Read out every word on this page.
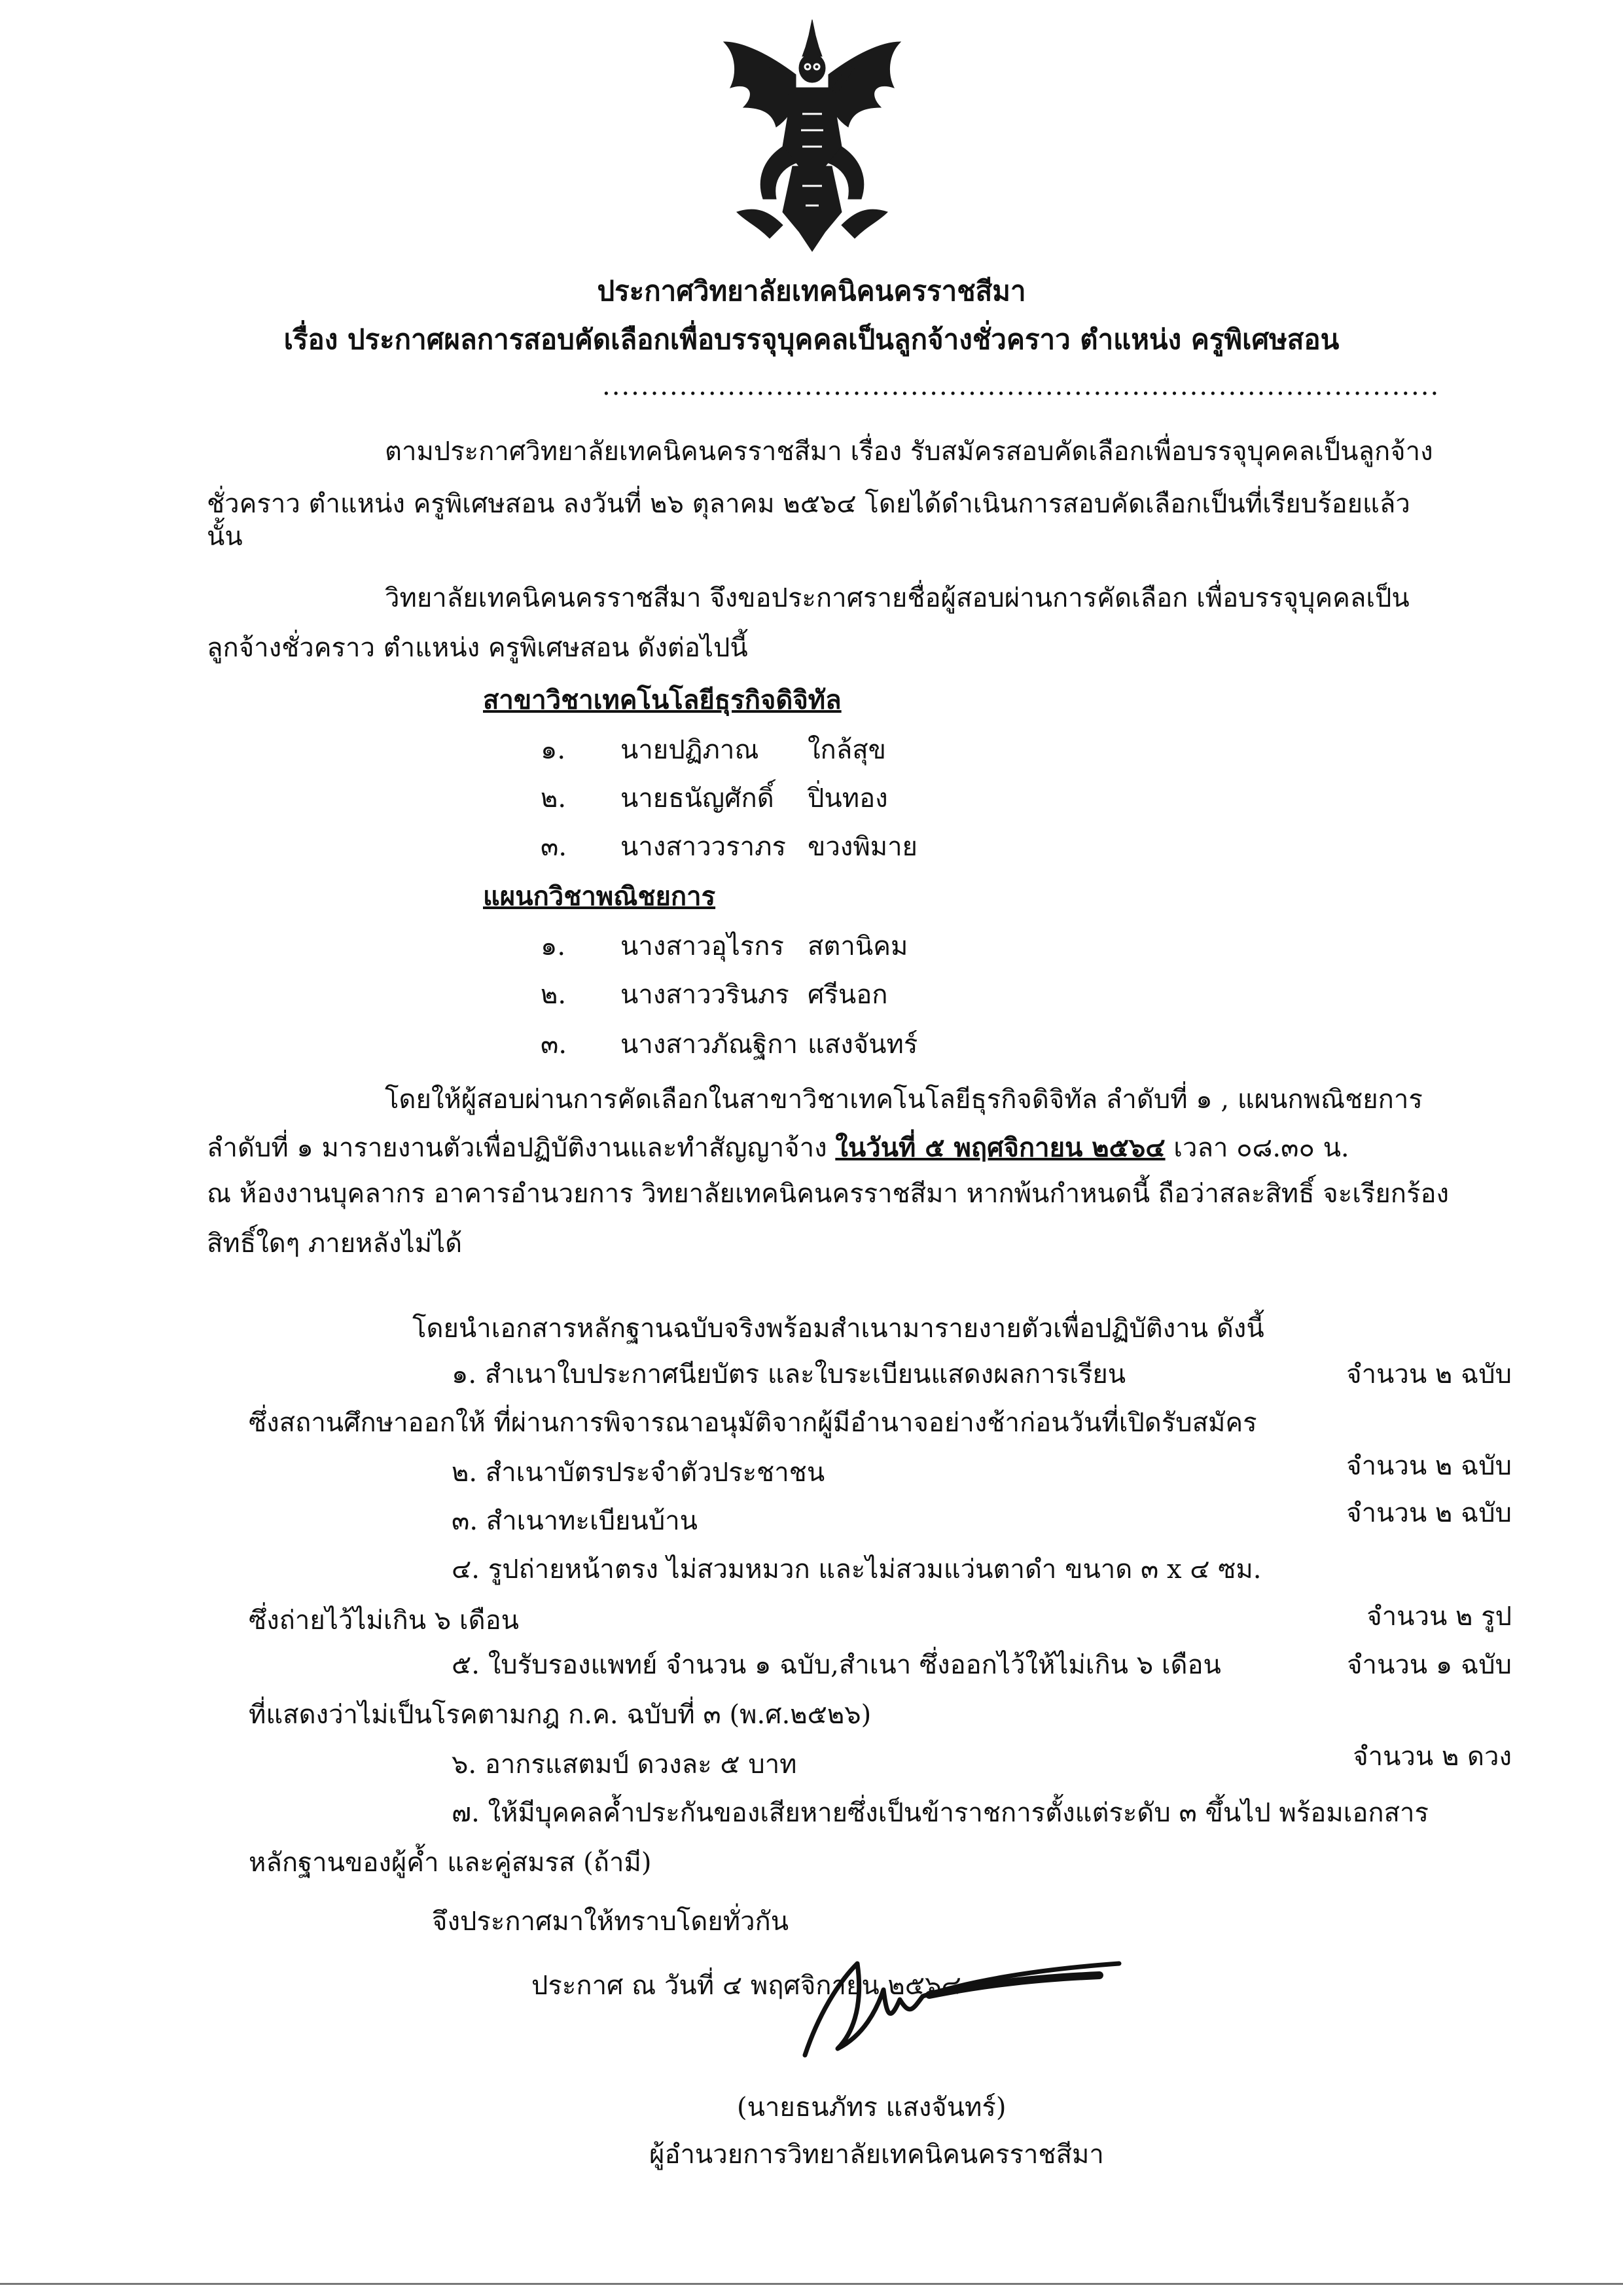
ประกาศวิทยาลัยเทคนิคนครราชสีมา
เรื่อง ประกาศผลการสอบคัดเลือกเพื่อบรรจุบุคคลเป็นลูกจ้างชั่วคราว ตำแหน่ง ครูพิเศษสอน
.......................................................................................
ตามประกาศวิทยาลัยเทคนิคนครราชสีมา เรื่อง รับสมัครสอบคัดเลือกเพื่อบรรจุบุคคลเป็นลูกจ้าง
ชั่วคราว ตำแหน่ง ครูพิเศษสอน ลงวันที่ ๒๖ ตุลาคม ๒๕๖๔ โดยได้ดำเนินการสอบคัดเลือกเป็นที่เรียบร้อยแล้ว
นั้น
วิทยาลัยเทคนิคนครราชสีมา จึงขอประกาศรายชื่อผู้สอบผ่านการคัดเลือก เพื่อบรรจุบุคคลเป็น
ลูกจ้างชั่วคราว ตำแหน่ง ครูพิเศษสอน ดังต่อไปนี้
สาขาวิชาเทคโนโลยีธุรกิจดิจิทัล
๑. นายปฏิภาณ ใกล้สุข
๒. นายธนัญศักดิ์ ปิ่นทอง
๓. นางสาววราภร ขวงพิมาย
แผนกวิชาพณิชยการ
๑. นางสาวอุไรกร สตานิคม
๒. นางสาววรินภร ศรีนอก
๓. นางสาวภัณฐิกา แสงจันทร์
โดยให้ผู้สอบผ่านการคัดเลือกในสาขาวิชาเทคโนโลยีธุรกิจดิจิทัล ลำดับที่ ๑ , แผนกพณิชยการ
ลำดับที่ ๑ มารายงานตัวเพื่อปฏิบัติงานและทำสัญญาจ้าง ในวันที่ ๕ พฤศจิกายน ๒๕๖๔ เวลา ๐๘.๓๐ น.
ณ ห้องงานบุคลากร อาคารอำนวยการ วิทยาลัยเทคนิคนครราชสีมา หากพ้นกำหนดนี้ ถือว่าสละสิทธิ์ จะเรียกร้อง
สิทธิ์ใดๆ ภายหลังไม่ได้
โดยนำเอกสารหลักฐานฉบับจริงพร้อมสำเนามารายงายตัวเพื่อปฏิบัติงาน ดังนี้
๑. สำเนาใบประกาศนียบัตร และใบระเบียนแสดงผลการเรียน	จำนวน ๒ ฉบับ
ซึ่งสถานศึกษาออกให้ ที่ผ่านการพิจารณาอนุมัติจากผู้มีอำนาจอย่างช้าก่อนวันที่เปิดรับสมัคร
๒. สำเนาบัตรประจำตัวประชาชน	จำนวน ๒ ฉบับ
๓. สำเนาทะเบียนบ้าน	จำนวน ๒ ฉบับ
๔. รูปถ่ายหน้าตรง ไม่สวมหมวก และไม่สวมแว่นตาดำ ขนาด ๓ x ๔ ซม.
ซึ่งถ่ายไว้ไม่เกิน ๖ เดือน	จำนวน ๒ รูป
๕. ใบรับรองแพทย์ จำนวน ๑ ฉบับ,สำเนา ซึ่งออกไว้ให้ไม่เกิน ๖ เดือน	จำนวน ๑ ฉบับ
ที่แสดงว่าไม่เป็นโรคตามกฎ ก.ค. ฉบับที่ ๓ (พ.ศ.๒๕๒๖)
๖. อากรแสตมป์ ดวงละ ๕ บาท	จำนวน ๒ ดวง
๗. ให้มีบุคคลค้ำประกันของเสียหายซึ่งเป็นข้าราชการตั้งแต่ระดับ ๓ ขึ้นไป พร้อมเอกสาร
หลักฐานของผู้ค้ำ และคู่สมรส (ถ้ามี)
จึงประกาศมาให้ทราบโดยทั่วกัน
ประกาศ ณ วันที่ ๔ พฤศจิกายน ๒๕๖๔
(นายธนภัทร แสงจันทร์)
ผู้อำนวยการวิทยาลัยเทคนิคนครราชสีมา
